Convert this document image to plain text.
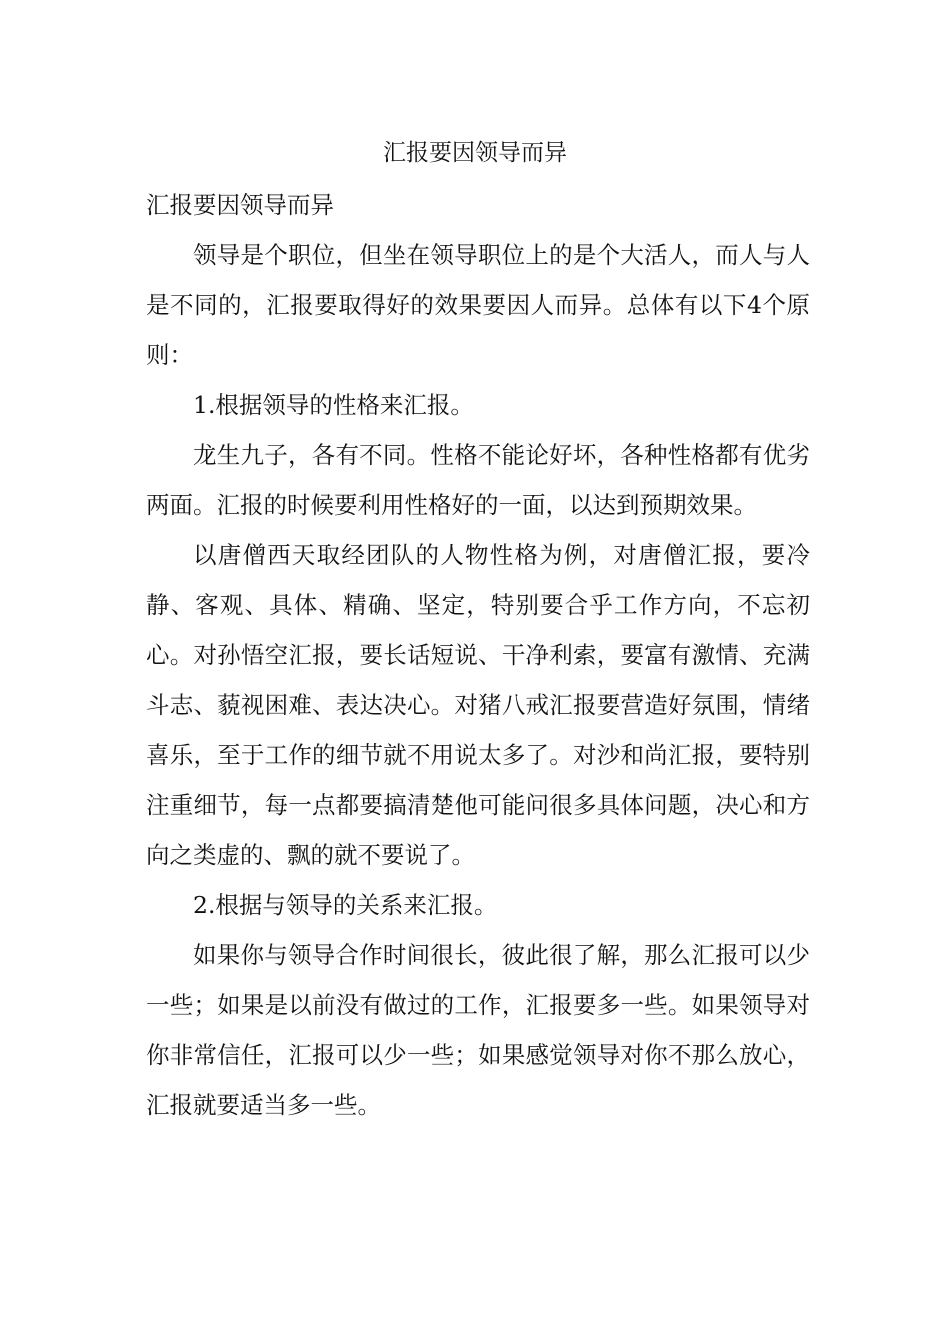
汇报要因领导而异

汇报要因领导而异

领导是个职位，但坐在领导职位上的是个大活人，而人与人是不同的，汇报要取得好的效果要因人而异。总体有以下4个原则：

1.根据领导的性格来汇报。

龙生九子，各有不同。性格不能论好坏，各种性格都有优劣两面。汇报的时候要利用性格好的一面，以达到预期效果。

以唐僧西天取经团队的人物性格为例，对唐僧汇报，要冷静、客观、具体、精确、坚定，特别要合乎工作方向，不忘初心。对孙悟空汇报，要长话短说、干净利索，要富有激情、充满斗志、藐视困难、表达决心。对猪八戒汇报要营造好氛围，情绪喜乐，至于工作的细节就不用说太多了。对沙和尚汇报，要特别注重细节，每一点都要搞清楚他可能问很多具体问题，决心和方向之类虚的、飘的就不要说了。

2.根据与领导的关系来汇报。

如果你与领导合作时间很长，彼此很了解，那么汇报可以少一些；如果是以前没有做过的工作，汇报要多一些。如果领导对你非常信任，汇报可以少一些；如果感觉领导对你不那么放心，汇报就要适当多一些。
